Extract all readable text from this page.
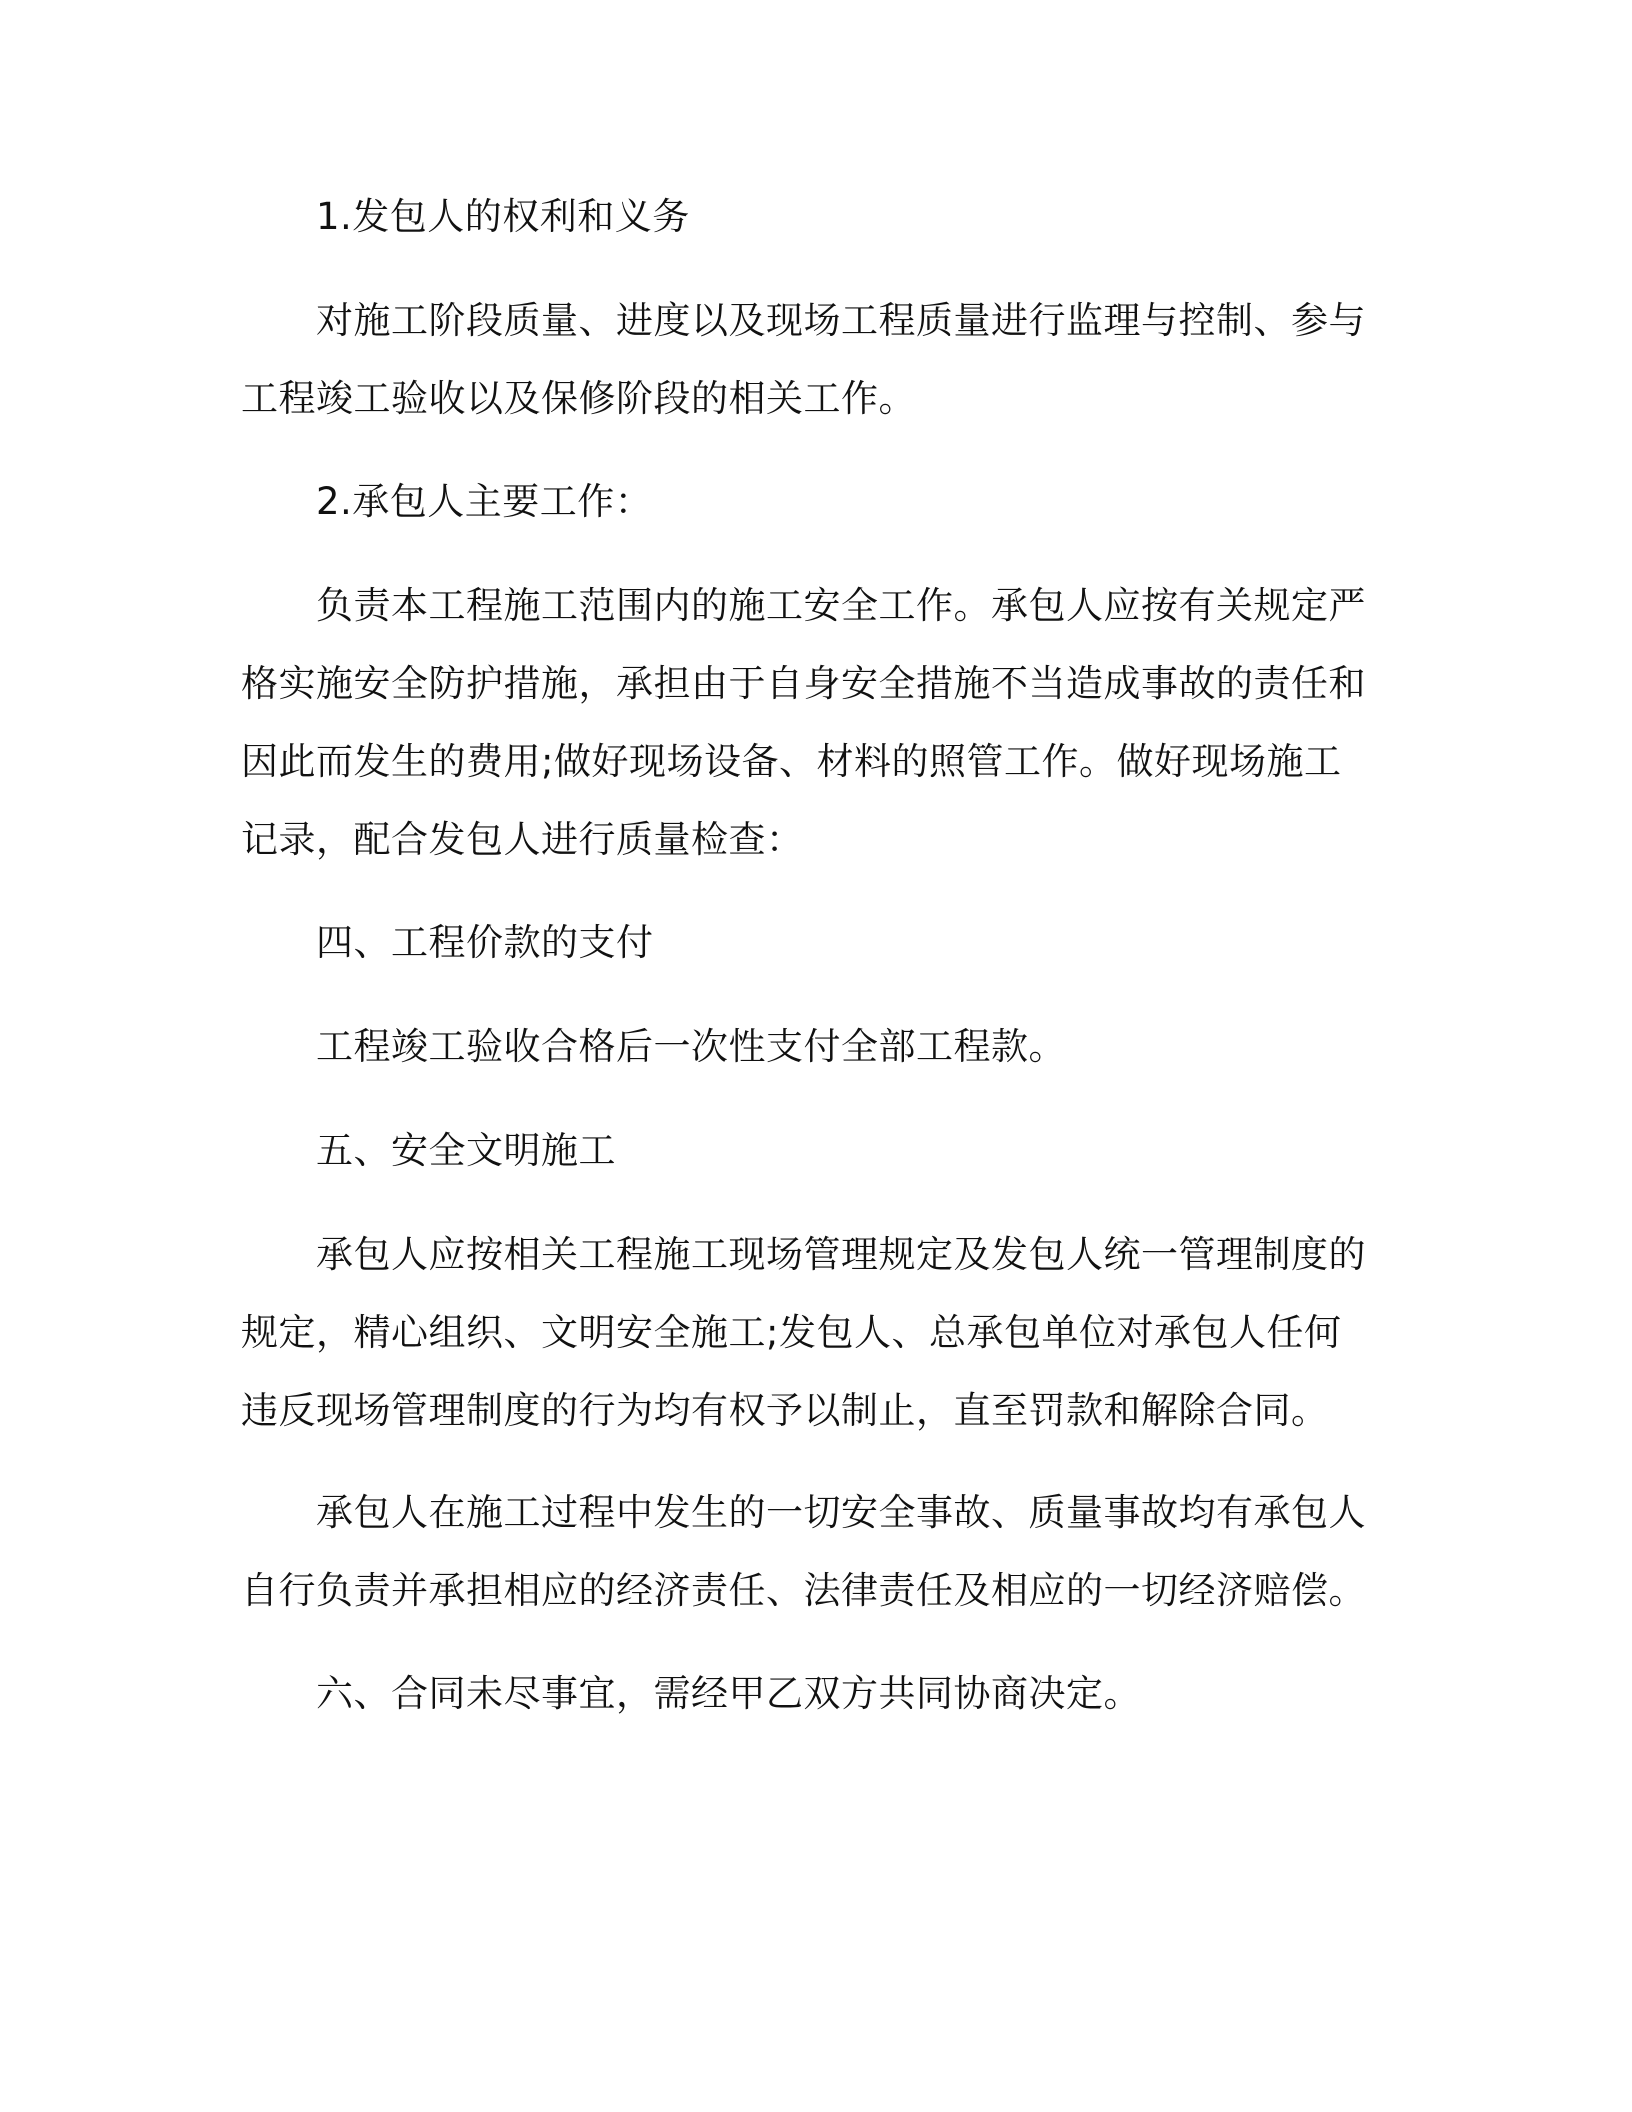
1.发包人的权利和义务

对施工阶段质量、进度以及现场工程质量进行监理与控制、参与工程竣工验收以及保修阶段的相关工作。

2.承包人主要工作：

负责本工程施工范围内的施工安全工作。承包人应按有关规定严格实施安全防护措施，承担由于自身安全措施不当造成事故的责任和因此而发生的费用;做好现场设备、材料的照管工作。做好现场施工记录，配合发包人进行质量检查：

四、工程价款的支付

工程竣工验收合格后一次性支付全部工程款。

五、安全文明施工

承包人应按相关工程施工现场管理规定及发包人统一管理制度的规定，精心组织、文明安全施工;发包人、总承包单位对承包人任何违反现场管理制度的行为均有权予以制止，直至罚款和解除合同。

承包人在施工过程中发生的一切安全事故、质量事故均有承包人自行负责并承担相应的经济责任、法律责任及相应的一切经济赔偿。

六、合同未尽事宜，需经甲乙双方共同协商决定。
